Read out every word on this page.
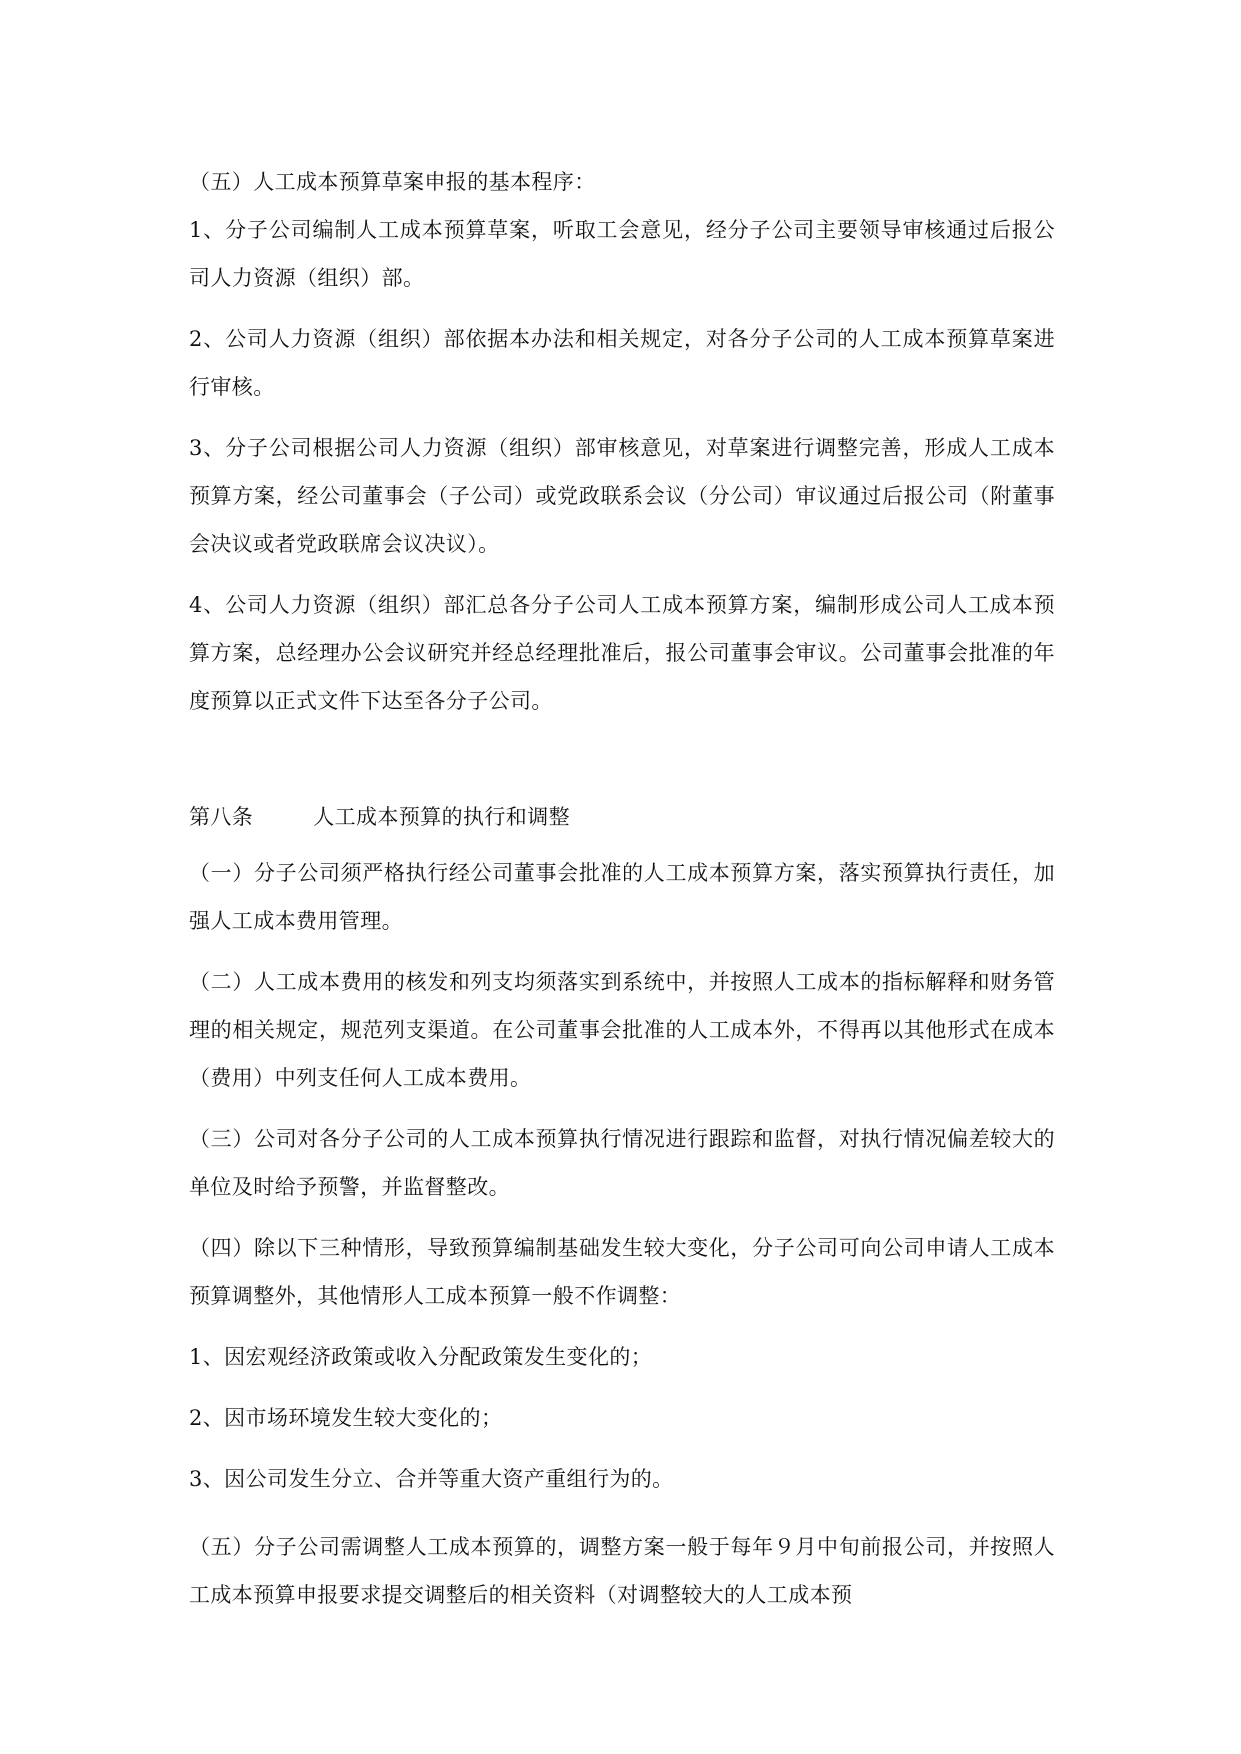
（五）人工成本预算草案申报的基本程序：

1、分子公司编制人工成本预算草案，听取工会意见，经分子公司主要领导审核通过后报公司人力资源（组织）部。

2、公司人力资源（组织）部依据本办法和相关规定，对各分子公司的人工成本预算草案进行审核。

3、分子公司根据公司人力资源（组织）部审核意见，对草案进行调整完善，形成人工成本预算方案，经公司董事会（子公司）或党政联系会议（分公司）审议通过后报公司（附董事会决议或者党政联席会议决议）。

4、公司人力资源（组织）部汇总各分子公司人工成本预算方案，编制形成公司人工成本预算方案，总经理办公会议研究并经总经理批准后，报公司董事会审议。公司董事会批准的年度预算以正式文件下达至各分子公司。

第八条	人工成本预算的执行和调整

（一）分子公司须严格执行经公司董事会批准的人工成本预算方案，落实预算执行责任，加强人工成本费用管理。

（二）人工成本费用的核发和列支均须落实到系统中，并按照人工成本的指标解释和财务管理的相关规定，规范列支渠道。在公司董事会批准的人工成本外，不得再以其他形式在成本（费用）中列支任何人工成本费用。

（三）公司对各分子公司的人工成本预算执行情况进行跟踪和监督，对执行情况偏差较大的单位及时给予预警，并监督整改。

（四）除以下三种情形，导致预算编制基础发生较大变化，分子公司可向公司申请人工成本预算调整外，其他情形人工成本预算一般不作调整：

1、因宏观经济政策或收入分配政策发生变化的；

2、因市场环境发生较大变化的；

3、因公司发生分立、合并等重大资产重组行为的。

（五）分子公司需调整人工成本预算的，调整方案一般于每年９月中旬前报公司，并按照人工成本预算申报要求提交调整后的相关资料（对调整较大的人工成本预
